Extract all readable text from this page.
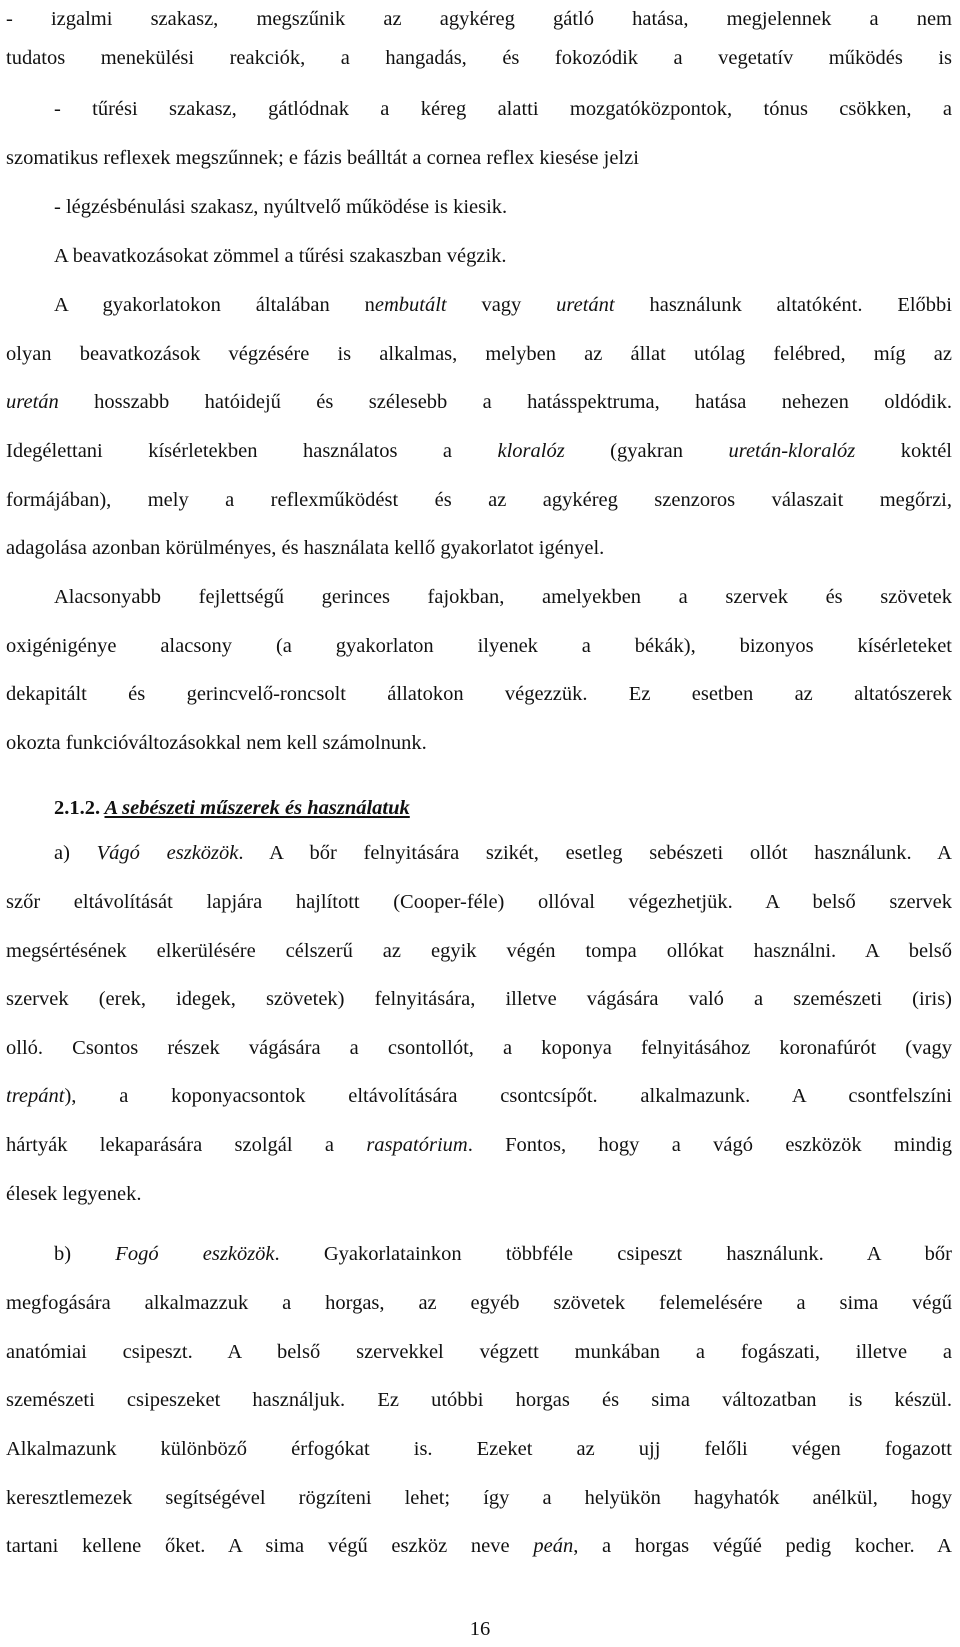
- izgalmi szakasz, megszűnik az agykéreg gátló hatása, megjelennek a nem
tudatos menekülési reakciók, a hangadás, és fokozódik a vegetatív működés is
- tűrési szakasz, gátlódnak a kéreg alatti mozgatóközpontok, tónus csökken, a
szomatikus reflexek megszűnnek; e fázis beálltát a cornea reflex kiesése jelzi
- légzésbénulási szakasz, nyúltvelő működése is kiesik.
A beavatkozásokat zömmel a tűrési szakaszban végzik.
A gyakorlatokon általában nembutált vagy uretánt használunk altatóként. Előbbi
olyan beavatkozások végzésére is alkalmas, melyben az állat utólag felébred, míg az
uretán hosszabb hatóidejű és szélesebb a hatásspektruma, hatása nehezen oldódik.
Idegélettani kísérletekben használatos a kloralóz (gyakran uretán-kloralóz koktél
formájában), mely a reflexműködést és az agykéreg szenzoros válaszait megőrzi,
adagolása azonban körülményes, és használata kellő gyakorlatot igényel.
Alacsonyabb fejlettségű gerinces fajokban, amelyekben a szervek és szövetek
oxigénigénye alacsony (a gyakorlaton ilyenek a békák), bizonyos kísérleteket
dekapitált és gerincvelő-roncsolt állatokon végezzük. Ez esetben az altatószerek
okozta funkcióváltozásokkal nem kell számolnunk.
2.1.2. A sebészeti műszerek és használatuk
a) Vágó eszközök. A bőr felnyitására szikét, esetleg sebészeti ollót használunk. A
szőr eltávolítását lapjára hajlított (Cooper-féle) ollóval végezhetjük. A belső szervek
megsértésének elkerülésére célszerű az egyik végén tompa ollókat használni. A belső
szervek (erek, idegek, szövetek) felnyitására, illetve vágására való a szemészeti (iris)
olló. Csontos részek vágására a csontollót, a koponya felnyitásához koronafúrót (vagy
trepánt), a koponyacsontok eltávolítására csontcsípőt. alkalmazunk. A csontfelszíni
hártyák lekaparására szolgál a raspatórium. Fontos, hogy a vágó eszközök mindig
élesek legyenek.
b) Fogó eszközök. Gyakorlatainkon többféle csipeszt használunk. A bőr
megfogására alkalmazzuk a horgas, az egyéb szövetek felemelésére a sima végű
anatómiai csipeszt. A belső szervekkel végzett munkában a fogászati, illetve a
szemészeti csipeszeket használjuk. Ez utóbbi horgas és sima változatban is készül.
Alkalmazunk különböző érfogókat is. Ezeket az ujj felőli végen fogazott
keresztlemezek segítségével rögzíteni lehet; így a helyükön hagyhatók anélkül, hogy
tartani kellene őket. A sima végű eszköz neve peán, a horgas végűé pedig kocher. A
16
